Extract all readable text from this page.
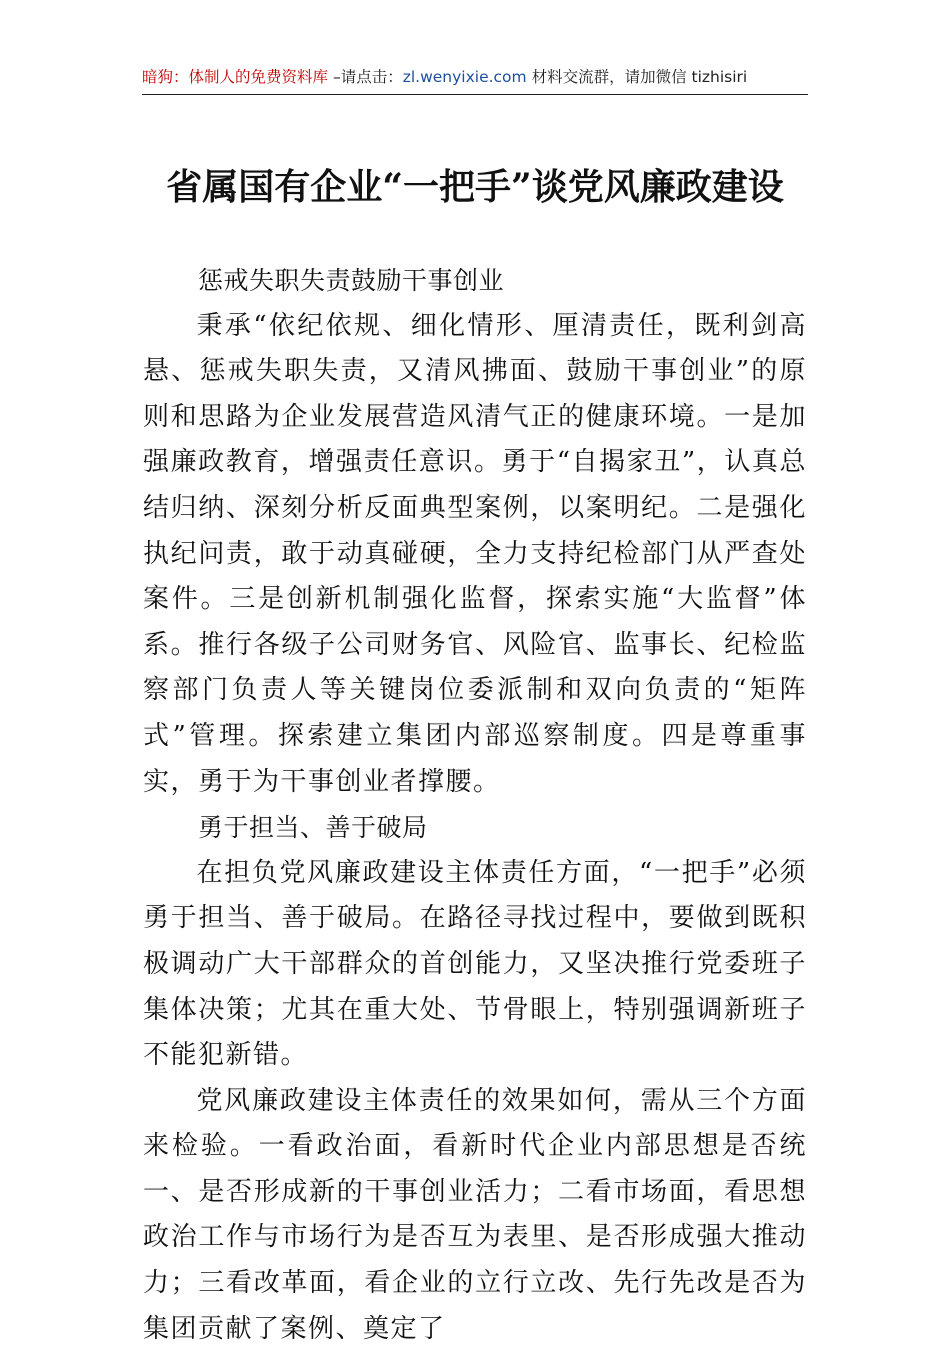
暗狗：体制人的免费资料库 –请点击：zl.wenyixie.com 材料交流群，请加微信 tizhisiri
省属国有企业“一把手”谈党风廉政建设
惩戒失职失责鼓励干事创业

秉承“依纪依规、细化情形、厘清责任，既利剑高悬、惩戒失职失责，又清风拂面、鼓励干事创业”的原则和思路为企业发展营造风清气正的健康环境。一是加强廉政教育，增强责任意识。勇于“自揭家丑”，认真总结归纳、深刻分析反面典型案例，以案明纪。二是强化执纪问责，敢于动真碰硬，全力支持纪检部门从严查处案件。三是创新机制强化监督，探索实施“大监督”体系。推行各级子公司财务官、风险官、监事长、纪检监察部门负责人等关键岗位委派制和双向负责的“矩阵式”管理。探索建立集团内部巡察制度。四是尊重事实，勇于为干事创业者撑腰。

勇于担当、善于破局

在担负党风廉政建设主体责任方面，“一把手”必须勇于担当、善于破局。在路径寻找过程中，要做到既积极调动广大干部群众的首创能力，又坚决推行党委班子集体决策；尤其在重大处、节骨眼上，特别强调新班子不能犯新错。

党风廉政建设主体责任的效果如何，需从三个方面来检验。一看政治面，看新时代企业内部思想是否统一、是否形成新的干事创业活力；二看市场面，看思想政治工作与市场行为是否互为表里、是否形成强大推动力；三看改革面，看企业的立行立改、先行先改是否为集团贡献了案例、奠定了
